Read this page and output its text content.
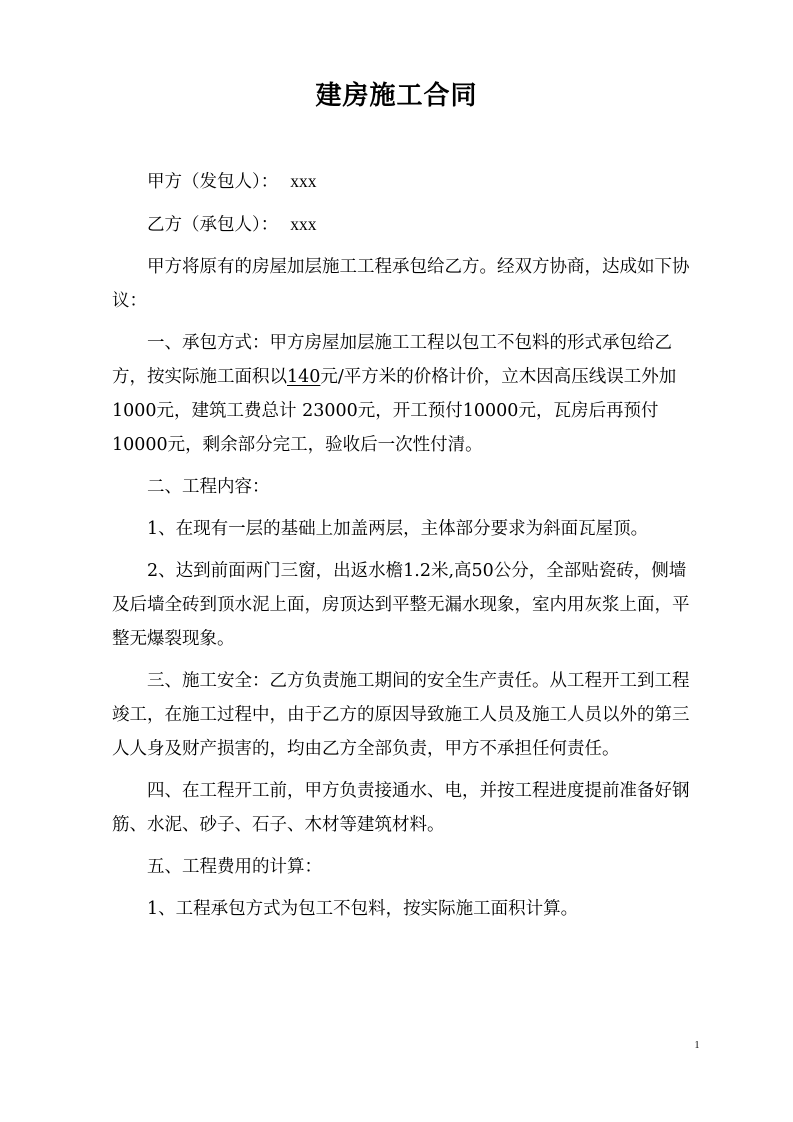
建房施工合同

甲方（发包人）： xxx

乙方（承包人）： xxx

甲方将原有的房屋加层施工工程承包给乙方。经双方协商，达成如下协议：

一、承包方式：甲方房屋加层施工工程以包工不包料的形式承包给乙方，按实际施工面积以140元/平方米的价格计价，立木因高压线误工外加1000元，建筑工费总计 23000元，开工预付10000元，瓦房后再预付10000元，剩余部分完工，验收后一次性付清。

二、工程内容：

1、在现有一层的基础上加盖两层，主体部分要求为斜面瓦屋顶。

2、达到前面两门三窗，出返水檐1.2米,高50公分，全部贴瓷砖，侧墙及后墙全砖到顶水泥上面，房顶达到平整无漏水现象，室内用灰浆上面，平整无爆裂现象。

三、施工安全：乙方负责施工期间的安全生产责任。从工程开工到工程竣工，在施工过程中，由于乙方的原因导致施工人员及施工人员以外的第三人人身及财产损害的，均由乙方全部负责，甲方不承担任何责任。

四、在工程开工前，甲方负责接通水、电，并按工程进度提前准备好钢筋、水泥、砂子、石子、木材等建筑材料。

五、工程费用的计算：

1、工程承包方式为包工不包料，按实际施工面积计算。

1
